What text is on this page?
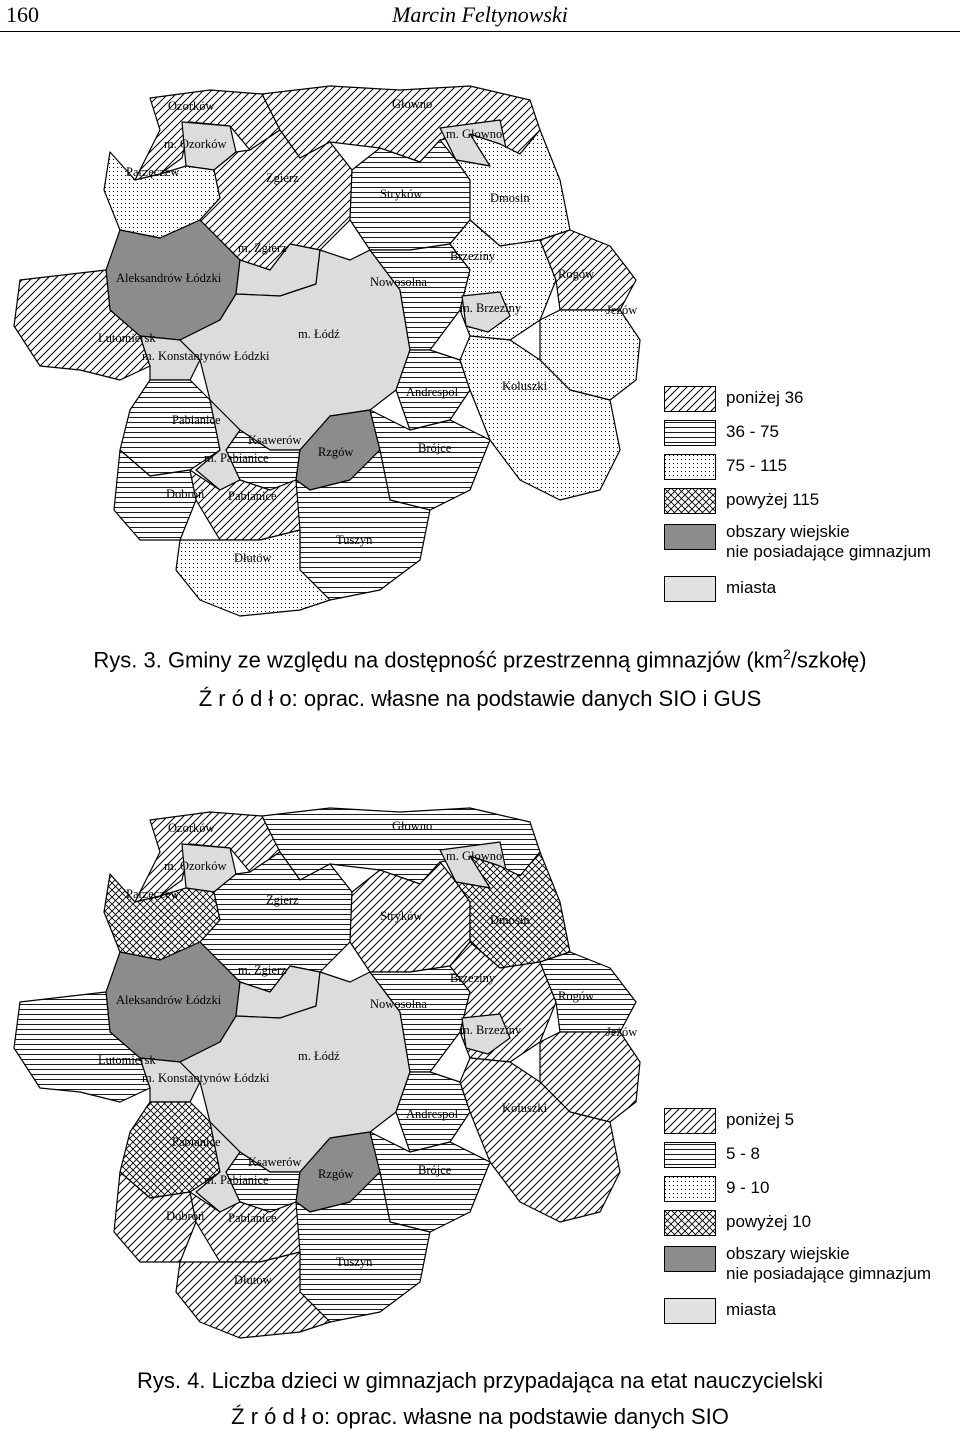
160	Marcin Feltynowski
Ozorków	Głowno
m. Głowno
m. Ozorków
Parzęczew	Zgierz
Stryków	Dmosin
m. Zgierz
Brzeziny
Aleksandrów Łódzki	Nowosolna
Rogów
m. Brzeziny	Jeżów
Lutomiersk	m. Łódź
m. Konstantynów Łódzki
Andrespol	Koluszki
Pabianice
Ksawerów
m. Pabianice	Rzgów	Brójce
Dobroń Pabianice
Tuszyn
Dłutów
poniżej 36
36 - 75
75 - 115
powyżej 115
obszary wiejskie
nie posiadające gimnazjum
miasta
Rys. 3. Gminy ze względu na dostępność przestrzenną gimnazjów $(km^2/szkołę)$
Ź r ó d ł o: oprac. własne na podstawie danych SIO i GUS
Ozorków	Głowno
m. Głowno
m. Ozorków
Parzęczew	Zgierz
Stryków	Dmosin
m. Zgierz
Brzeziny
Aleksandrów Łódzki	Nowosolna
Rogów
m. Brzeziny	Jeżów
Lutomiersk	m. Łódź
m. Konstantynów Łódzki
Andrespol	Koluszki
Pabianice
Ksawerów
m. Pabianice	Rzgów	Brójce
Dobroń Pabianice
Tuszyn
Dłutów
poniżej 5
5 - 8
9 - 10
powyżej 10
obszary wiejskie
nie posiadające gimnazjum
miasta
Rys. 4. Liczba dzieci w gimnazjach przypadająca na etat nauczycielski
Ź r ó d ł o: oprac. własne na podstawie danych SIO
